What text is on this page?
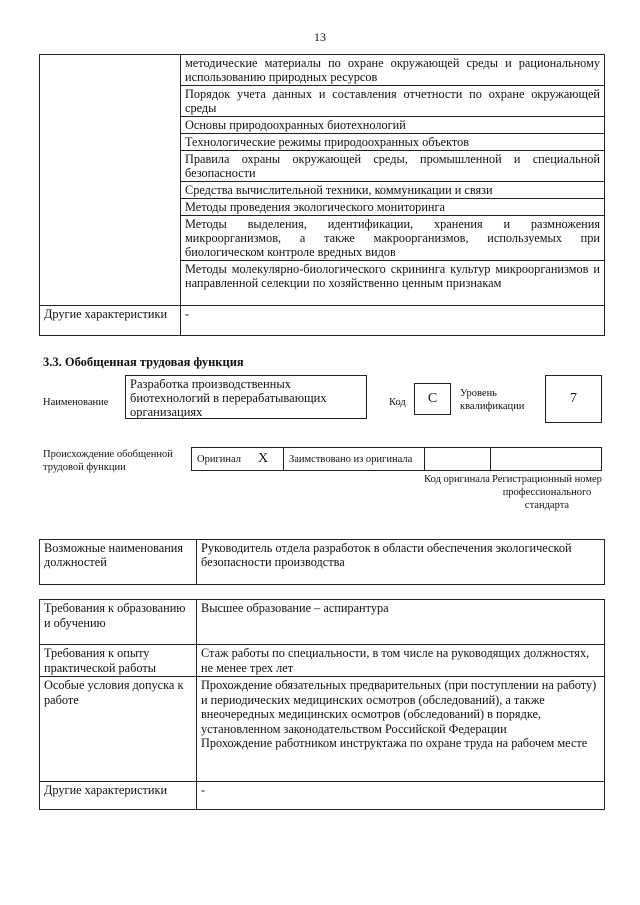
13
	методические материалы по охране окружающей среды и рациональному использованию природных ресурсов
	Порядок учета данных и составления отчетности по охране окружающей среды
	Основы природоохранных биотехнологий
	Технологические режимы природоохранных объектов
	Правила охраны окружающей среды, промышленной и специальной безопасности
	Средства вычислительной техники, коммуникации и связи
	Методы проведения экологического мониторинга
	Методы выделения, идентификации, хранения и размножения микроорганизмов, а также макроорганизмов, используемых при биологическом контроле вредных видов
	Методы молекулярно-биологического скрининга культур микроорганизмов и направленной селекции по хозяйственно ценным признакам
Другие характеристики	-
3.3. Обобщенная трудовая функция
Наименование
Разработка производственных биотехнологий в перерабатывающих организациях
Код	C	Уровень квалификации
7
Происхождение обобщенной трудовой функции
Оригинал X Заимствовано из оригинала
Код оригинала Регистрационный номер профессионального стандарта
Возможные наименования должностей	Руководитель отдела разработок в области обеспечения экологической безопасности производства
Требования к образованию и обучению	Высшее образование – аспирантура
Требования к опыту практической работы	Стаж работы по специальности, в том числе на руководящих должностях, не менее трех лет
Особые условия допуска к работе	Прохождение обязательных предварительных (при поступлении на работу) и периодических медицинских осмотров (обследований), а также внеочередных медицинских осмотров (обследований) в порядке, установленном законодательством Российской Федерации
Прохождение работником инструктажа по охране труда на рабочем месте

Другие характеристики	-
